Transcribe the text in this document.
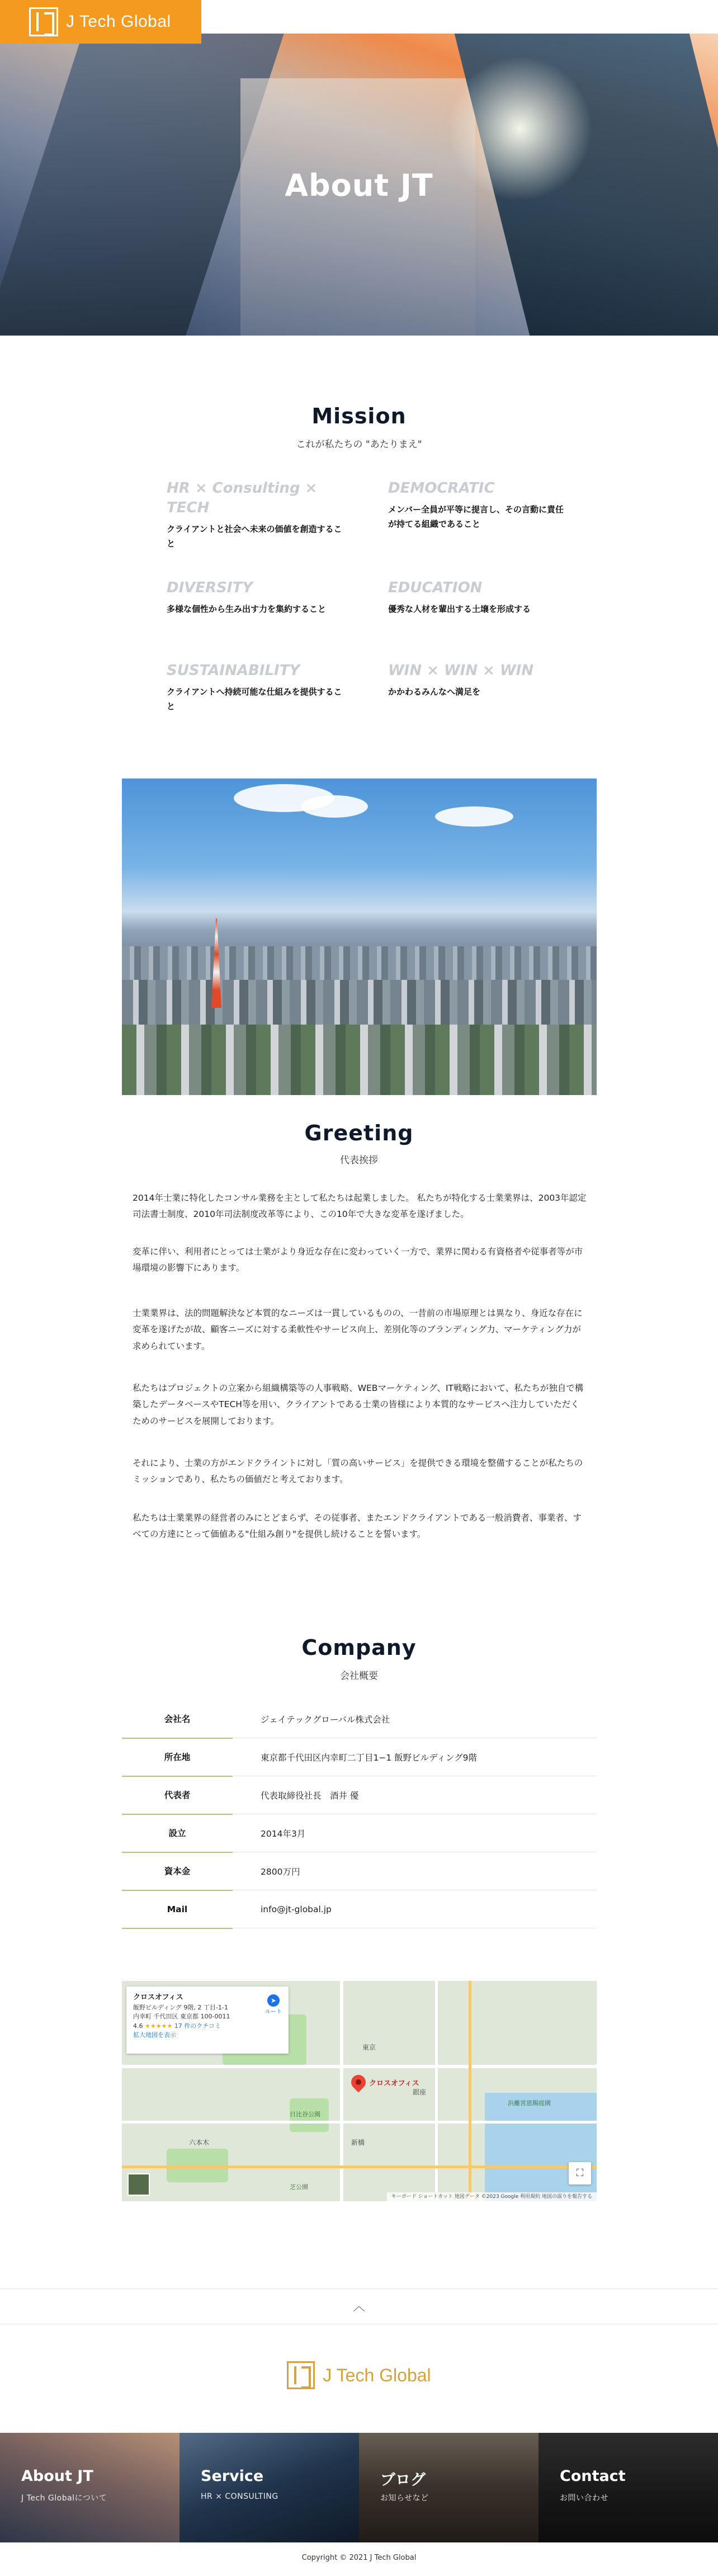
J Tech Global
About JT
Mission

これが私たちの "あたりまえ"

HR × Consulting × TECH
クライアントと社会へ未来の価値を創造すること
DEMOCRATIC
メンバー全員が平等に提言し、その言動に責任が持てる組織であること
DIVERSITY
多様な個性から生み出す力を集約すること
EDUCATION
優秀な人材を輩出する土壌を形成する
SUSTAINABILITY
クライアントへ持続可能な仕組みを提供すること
WIN × WIN × WIN
かかわるみんなへ満足を
Greeting

代表挨拶

2014年士業に特化したコンサル業務を主として私たちは起業しました。 私たちが特化する士業業界は、2003年認定司法書士制度、2010年司法制度改革等により、この10年で大きな変革を遂げました。

変革に伴い、利用者にとっては士業がより身近な存在に変わっていく一方で、業界に関わる有資格者や従事者等が市場環境の影響下にあります。

士業業界は、法的問題解決など本質的なニーズは一貫しているものの、一昔前の市場原理とは異なり、身近な存在に変革を遂げたが故、顧客ニーズに対する柔軟性やサービス向上、差別化等のブランディング力、マーケティング力が求められています。

私たちはプロジェクトの立案から組織構築等の人事戦略、WEBマーケティング、IT戦略において、私たちが独自で構築したデータベースやTECH等を用い、クライアントである士業の皆様により本質的なサービスへ注力していただくためのサービスを展開しております。

それにより、士業の方がエンドクライントに対し「質の高いサービス」を提供できる環境を整備することが私たちのミッションであり、私たちの価値だと考えております。

私たちは士業業界の経営者のみにとどまらず、その従事者、またエンドクライアントである一般消費者、事業者、すべての方達にとって価値ある"仕組み創り"を提供し続けることを誓います。

Company

会社概要

会社名	ジェイテックグローバル株式会社
所在地	東京都千代田区内幸町二丁目1−1 飯野ビルディング9階
代表者	代表取締役社長　酒井 優
設立	2014年3月
資本金	2800万円
Mail	info@jt-global.jp
日比谷公園
銀座
東京
新橋
六本木
浜離宮恩賜庭園
芝公園
クロスオフィス
クロスオフィス
飯野ビルディング 9階, 2 丁目-1-1
内幸町 千代田区 東京都 100-0011
4.6 ★★★★★ 17 件のクチコミ
拡大地図を表示
➤
ルート
⛶
キーボード ショートカット 地図データ ©2023 Google 利用規約 地図の誤りを報告する
︿
J Tech Global
About JT
J Tech Globalについて
Service
HR × CONSULTING
ブログ
お知らせなど
Contact
お問い合わせ

Copyright © 2021 J Tech Global
